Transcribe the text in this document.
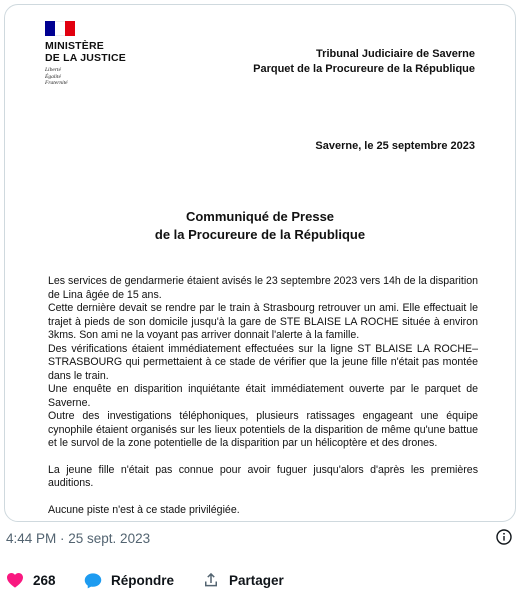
MINISTÈRE
DE LA JUSTICE
Liberté
Égalité
Fraternité
Tribunal Judiciaire de Saverne
Parquet de la Procureure de la République
Saverne, le 25 septembre 2023
Communiqué de Presse
de la Procureure de la République

Les services de gendarmerie étaient avisés le 23 septembre 2023 vers 14h de la disparition de Lina âgée de 15 ans.

Cette dernière devait se rendre par le train à Strasbourg retrouver un ami. Elle effectuait le trajet à pieds de son domicile jusqu'à la gare de STE BLAISE LA ROCHE située à environ 3kms. Son ami ne la voyant pas arriver donnait l'alerte à la famille.

Des vérifications étaient immédiatement effectuées sur la ligne ST BLAISE LA ROCHE–STRASBOURG qui permettaient à ce stade de vérifier que la jeune fille n'était pas montée dans le train.

Une enquête en disparition inquiétante était immédiatement ouverte par le parquet de Saverne.

Outre des investigations téléphoniques, plusieurs ratissages engageant une équipe cynophile étaient organisés sur les lieux potentiels de la disparition de même qu'une battue et le survol de la zone potentielle de la disparition par un hélicoptère et des drones.

La jeune fille n'était pas connue pour avoir fuguer jusqu'alors d'après les premières auditions.

Aucune piste n'est à ce stade privilégiée.

4:44 PM · 25 sept. 2023
268	Répondre	Partager
